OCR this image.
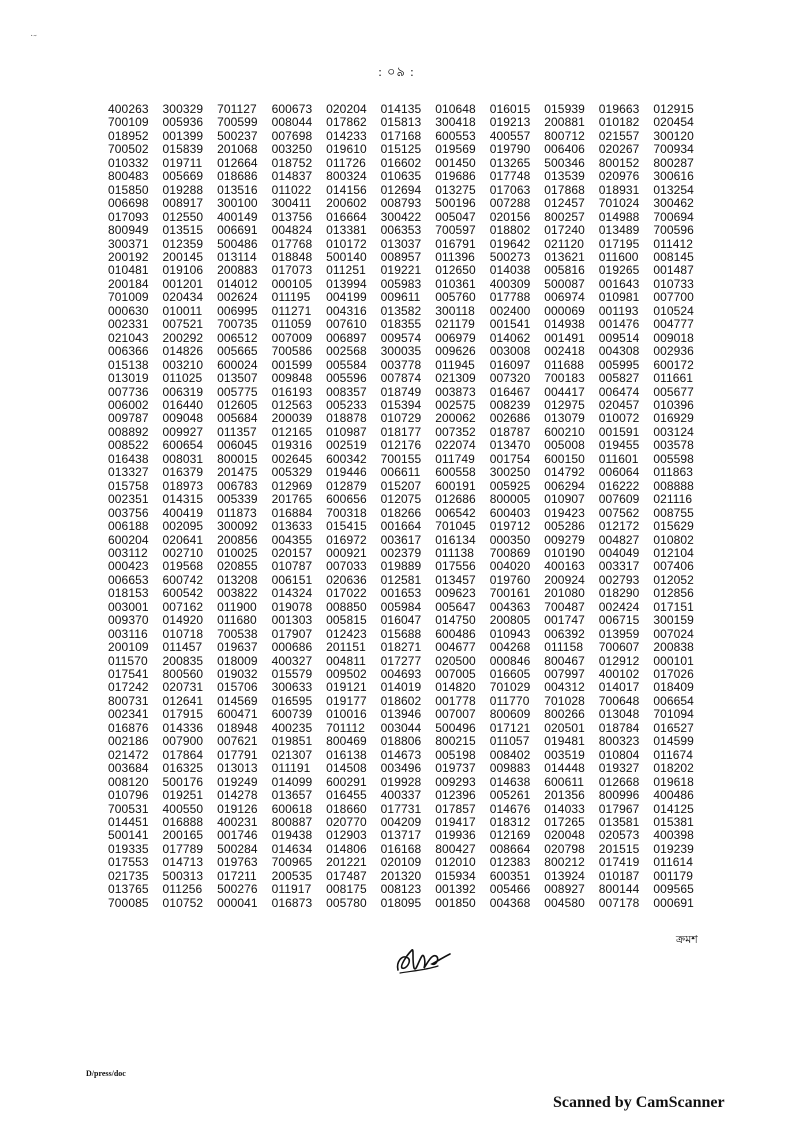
˙˜
: ০৯ :
400263	300329	701127	600673	020204	014135	010648	016015	015939	019663	012915
700109	005936	700599	008044	017862	015813	300418	019213	200881	010182	020454
018952	001399	500237	007698	014233	017168	600553	400557	800712	021557	300120
700502	015839	201068	003250	019610	015125	019569	019790	006406	020267	700934
010332	019711	012664	018752	011726	016602	001450	013265	500346	800152	800287
800483	005669	018686	014837	800324	010635	019686	017748	013539	020976	300616
015850	019288	013516	011022	014156	012694	013275	017063	017868	018931	013254
006698	008917	300100	300411	200602	008793	500196	007288	012457	701024	300462
017093	012550	400149	013756	016664	300422	005047	020156	800257	014988	700694
800949	013515	006691	004824	013381	006353	700597	018802	017240	013489	700596
300371	012359	500486	017768	010172	013037	016791	019642	021120	017195	011412
200192	200145	013114	018848	500140	008957	011396	500273	013621	011600	008145
010481	019106	200883	017073	011251	019221	012650	014038	005816	019265	001487
200184	001201	014012	000105	013994	005983	010361	400309	500087	001643	010733
701009	020434	002624	011195	004199	009611	005760	017788	006974	010981	007700
000630	010011	006995	011271	004316	013582	300118	002400	000069	001193	010524
002331	007521	700735	011059	007610	018355	021179	001541	014938	001476	004777
021043	200292	006512	007009	006897	009574	006979	014062	001491	009514	009018
006366	014826	005665	700586	002568	300035	009626	003008	002418	004308	002936
015138	003210	600024	001599	005584	003778	011945	016097	011688	005995	600172
013019	011025	013507	009848	005596	007874	021309	007320	700183	005827	011661
007736	006319	005775	016193	008357	018749	003873	016467	004417	006474	005677
006002	016440	012605	012563	005233	015394	002575	008239	012975	020457	010396
009787	009048	005684	200039	018878	010729	200062	002686	013079	010072	016929
008892	009927	011357	012165	010987	018177	007352	018787	600210	001591	003124
008522	600654	006045	019316	002519	012176	022074	013470	005008	019455	003578
016438	008031	800015	002645	600342	700155	011749	001754	600150	011601	005598
013327	016379	201475	005329	019446	006611	600558	300250	014792	006064	011863
015758	018973	006783	012969	012879	015207	600191	005925	006294	016222	008888
002351	014315	005339	201765	600656	012075	012686	800005	010907	007609	021116
003756	400419	011873	016884	700318	018266	006542	600403	019423	007562	008755
006188	002095	300092	013633	015415	001664	701045	019712	005286	012172	015629
600204	020641	200856	004355	016972	003617	016134	000350	009279	004827	010802
003112	002710	010025	020157	000921	002379	011138	700869	010190	004049	012104
000423	019568	020855	010787	007033	019889	017556	004020	400163	003317	007406
006653	600742	013208	006151	020636	012581	013457	019760	200924	002793	012052
018153	600542	003822	014324	017022	001653	009623	700161	201080	018290	012856
003001	007162	011900	019078	008850	005984	005647	004363	700487	002424	017151
009370	014920	011680	001303	005815	016047	014750	200805	001747	006715	300159
003116	010718	700538	017907	012423	015688	600486	010943	006392	013959	007024
200109	011457	019637	000686	201151	018271	004677	004268	011158	700607	200838
011570	200835	018009	400327	004811	017277	020500	000846	800467	012912	000101
017541	800560	019032	015579	009502	004693	007005	016605	007997	400102	017026
017242	020731	015706	300633	019121	014019	014820	701029	004312	014017	018409
800731	012641	014569	016595	019177	018602	001778	011770	701028	700648	006654
002341	017915	600471	600739	010016	013946	007007	800609	800266	013048	701094
016876	014336	018948	400235	701112	003044	500496	017121	020501	018784	016527
002186	007900	007621	019851	800469	018806	800215	011057	019481	800323	014599
021472	017864	017791	021307	016138	014673	005198	008402	003519	010804	011674
003684	016325	013013	011191	014508	003496	019737	009883	014448	019327	018202
008120	500176	019249	014099	600291	019928	009293	014638	600611	012668	019618
010796	019251	014278	013657	016455	400337	012396	005261	201356	800996	400486
700531	400550	019126	600618	018660	017731	017857	014676	014033	017967	014125
014451	016888	400231	800887	020770	004209	019417	018312	017265	013581	015381
500141	200165	001746	019438	012903	013717	019936	012169	020048	020573	400398
019335	017789	500284	014634	014806	016168	800427	008664	020798	201515	019239
017553	014713	019763	700965	201221	020109	012010	012383	800212	017419	011614
021735	500313	017211	200535	017487	201320	015934	600351	013924	010187	001179
013765	011256	500276	011917	008175	008123	001392	005466	008927	800144	009565
700085	010752	000041	016873	005780	018095	001850	004368	004580	007178	000691
ক্রমশ
D/press/doc
Scanned by CamScanner
